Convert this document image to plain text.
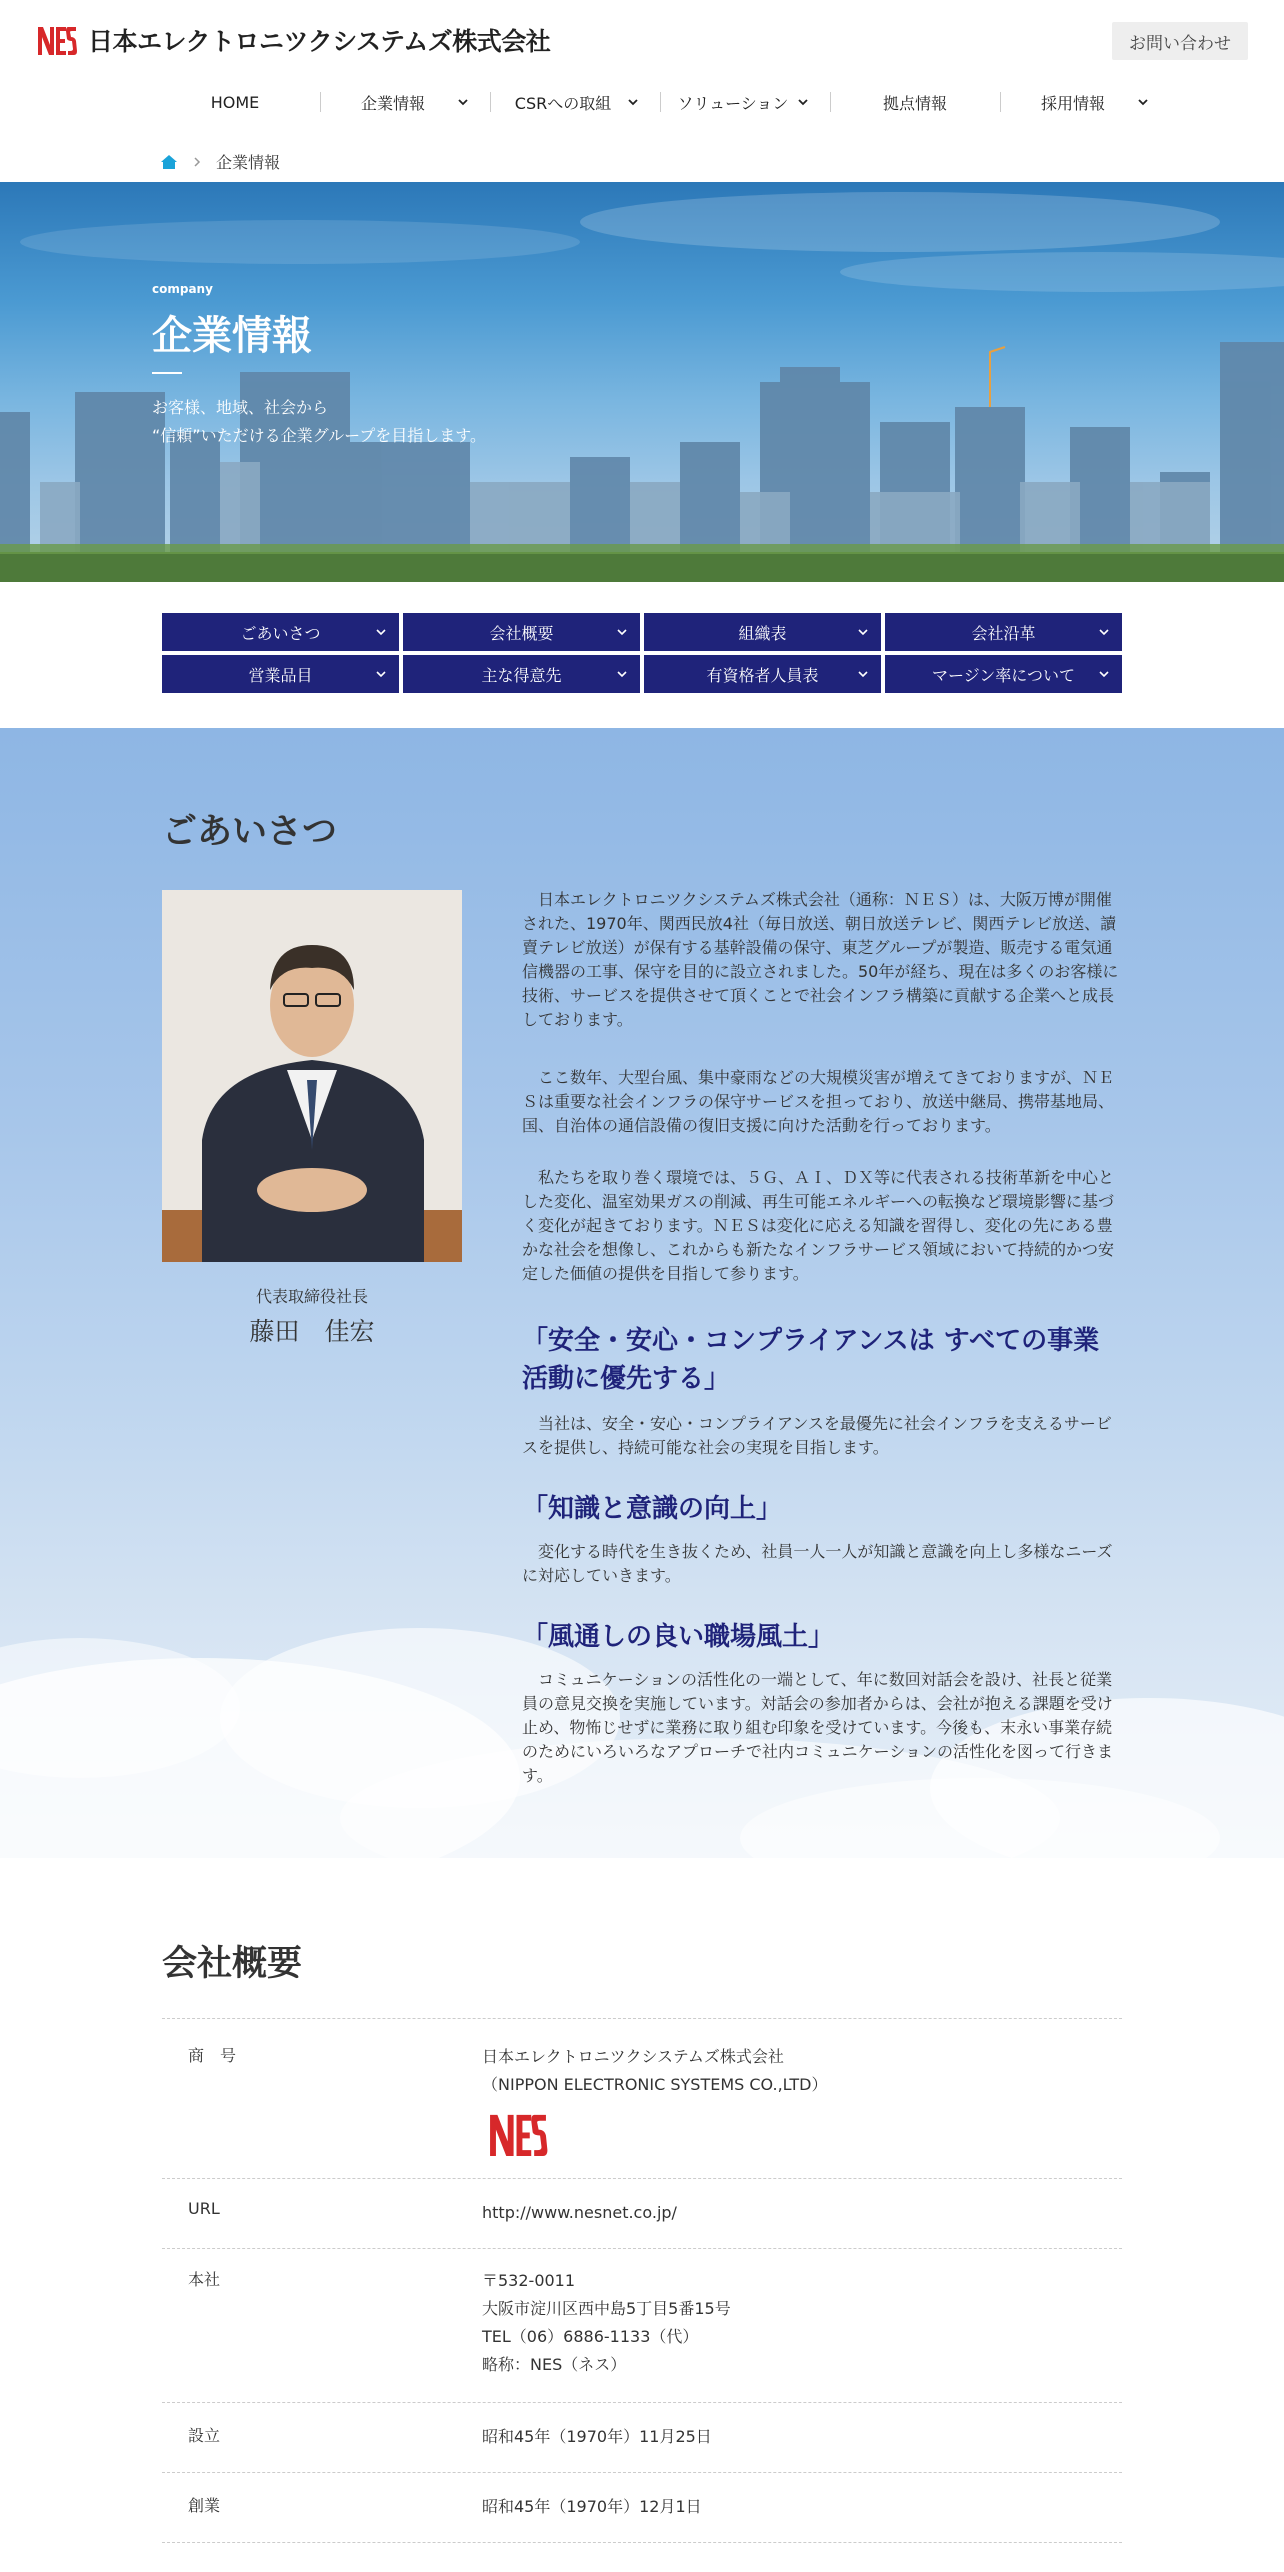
日本エレクトロニツクシステムズ株式会社	お問い合わせ
HOME	企業情報	CSRへの取組	ソリューション	拠点情報	採用情報
企業情報
company
企業情報
お客様、地域、社会から
“信頼”いただける企業グループを目指します。
ごあいさつ	会社概要	組織表	会社沿革
営業品目	主な得意先	有資格者人員表	マージン率について
ごあいさつ
代表取締役社長
藤田　佳宏

日本エレクトロニツクシステムズ株式会社（通称：ＮＥＳ）は、大阪万博が開催された、1970年、関西民放4社（毎日放送、朝日放送テレビ、関西テレビ放送、讀賣テレビ放送）が保有する基幹設備の保守、東芝グループが製造、販売する電気通信機器の工事、保守を目的に設立されました。50年が経ち、現在は多くのお客様に技術、サービスを提供させて頂くことで社会インフラ構築に貢献する企業へと成長しております。

ここ数年、大型台風、集中豪雨などの大規模災害が増えてきておりますが、ＮＥＳは重要な社会インフラの保守サービスを担っており、放送中継局、携帯基地局、国、自治体の通信設備の復旧支援に向けた活動を行っております。

私たちを取り巻く環境では、５Ｇ、ＡＩ、ＤＸ等に代表される技術革新を中心とした変化、温室効果ガスの削減、再生可能エネルギーへの転換など環境影響に基づく変化が起きております。ＮＥＳは変化に応える知識を習得し、変化の先にある豊かな社会を想像し、これからも新たなインフラサービス領域において持続的かつ安定した価値の提供を目指して参ります。

「安全・安心・コンプライアンスは すべての事業活動に優先する」

当社は、安全・安心・コンプライアンスを最優先に社会インフラを支えるサービスを提供し、持続可能な社会の実現を目指します。

「知識と意識の向上」

変化する時代を生き抜くため、社員一人一人が知識と意識を向上し多様なニーズに対応していきます。

「風通しの良い職場風土」

コミュニケーションの活性化の一端として、年に数回対話会を設け、社長と従業員の意見交換を実施しています。対話会の参加者からは、会社が抱える課題を受け止め、物怖じせずに業務に取り組む印象を受けています。今後も、末永い事業存続のためにいろいろなアプローチで社内コミュニケーションの活性化を図って行きます。

会社概要
商　号	日本エレクトロニツクシステムズ株式会社
（NIPPON ELECTRONIC SYSTEMS CO.,LTD）
URL	http://www.nesnet.co.jp/
本社	〒532-0011
大阪市淀川区西中島5丁目5番15号
TEL（06）6886-1133（代）
略称：NES（ネス）
設立	昭和45年（1970年）11月25日
創業	昭和45年（1970年）12月1日
